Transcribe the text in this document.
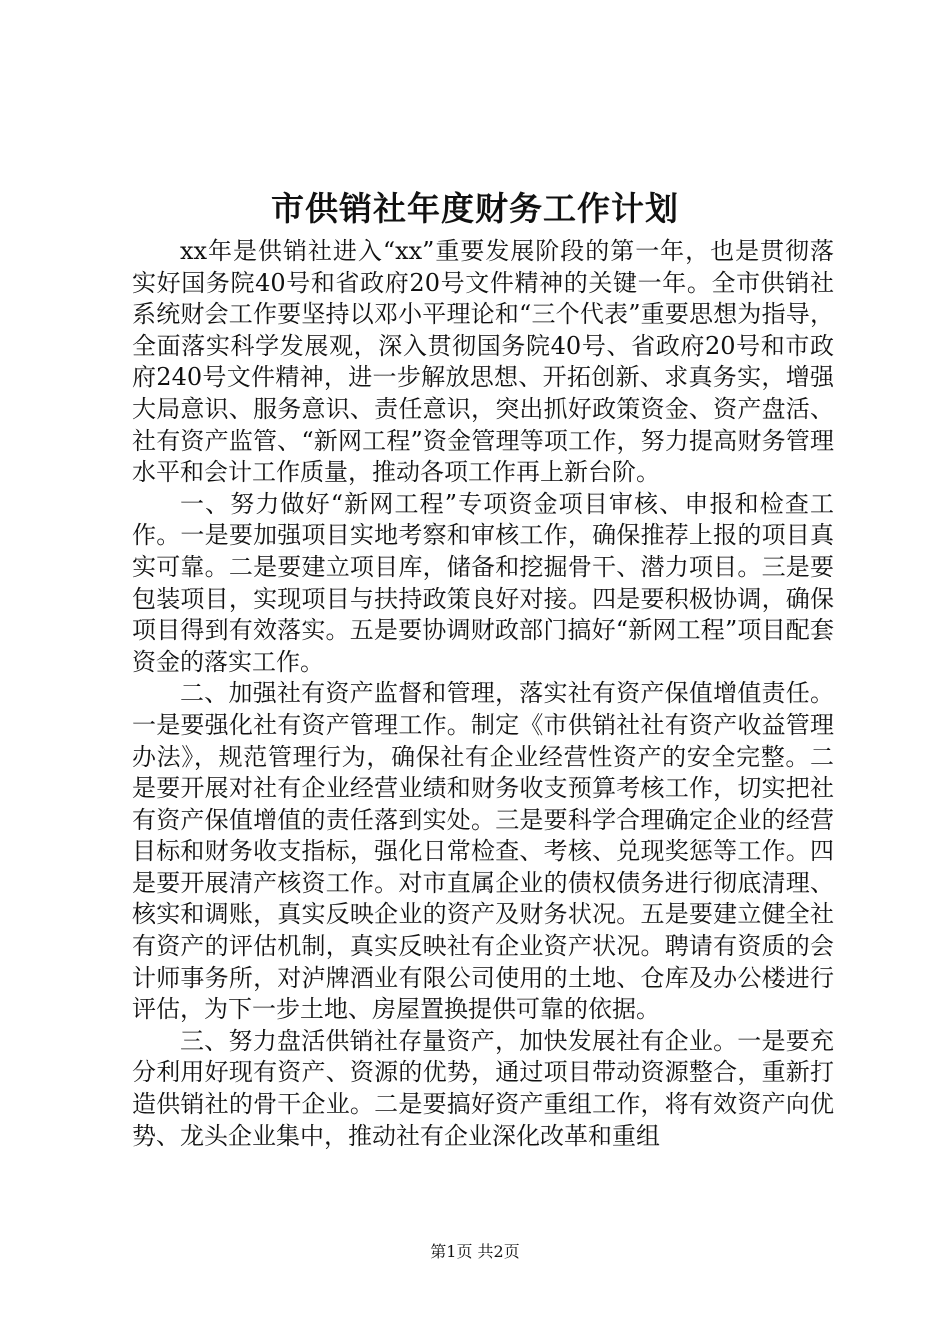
市供销社年度财务工作计划

xx年是供销社进入“xx”重要发展阶段的第一年，也是贯彻落实好国务院40号和省政府20号文件精神的关键一年。全市供销社系统财会工作要坚持以邓小平理论和“三个代表”重要思想为指导，全面落实科学发展观，深入贯彻国务院40号、省政府20号和市政府240号文件精神，进一步解放思想、开拓创新、求真务实，增强大局意识、服务意识、责任意识，突出抓好政策资金、资产盘活、社有资产监管、“新网工程”资金管理等项工作，努力提高财务管理水平和会计工作质量，推动各项工作再上新台阶。

一、努力做好“新网工程”专项资金项目审核、申报和检查工作。一是要加强项目实地考察和审核工作，确保推荐上报的项目真实可靠。二是要建立项目库，储备和挖掘骨干、潜力项目。三是要包装项目，实现项目与扶持政策良好对接。四是要积极协调，确保项目得到有效落实。五是要协调财政部门搞好“新网工程”项目配套资金的落实工作。

二、加强社有资产监督和管理，落实社有资产保值增值责任。一是要强化社有资产管理工作。制定《市供销社社有资产收益管理办法》，规范管理行为，确保社有企业经营性资产的安全完整。二是要开展对社有企业经营业绩和财务收支预算考核工作，切实把社有资产保值增值的责任落到实处。三是要科学合理确定企业的经营目标和财务收支指标，强化日常检查、考核、兑现奖惩等工作。四是要开展清产核资工作。对市直属企业的债权债务进行彻底清理、核实和调账，真实反映企业的资产及财务状况。五是要建立健全社有资产的评估机制，真实反映社有企业资产状况。聘请有资质的会计师事务所，对泸牌酒业有限公司使用的土地、仓库及办公楼进行评估，为下一步土地、房屋置换提供可靠的依据。

三、努力盘活供销社存量资产，加快发展社有企业。一是要充分利用好现有资产、资源的优势，通过项目带动资源整合，重新打造供销社的骨干企业。二是要搞好资产重组工作，将有效资产向优势、龙头企业集中，推动社有企业深化改革和重组

第1页 共2页
